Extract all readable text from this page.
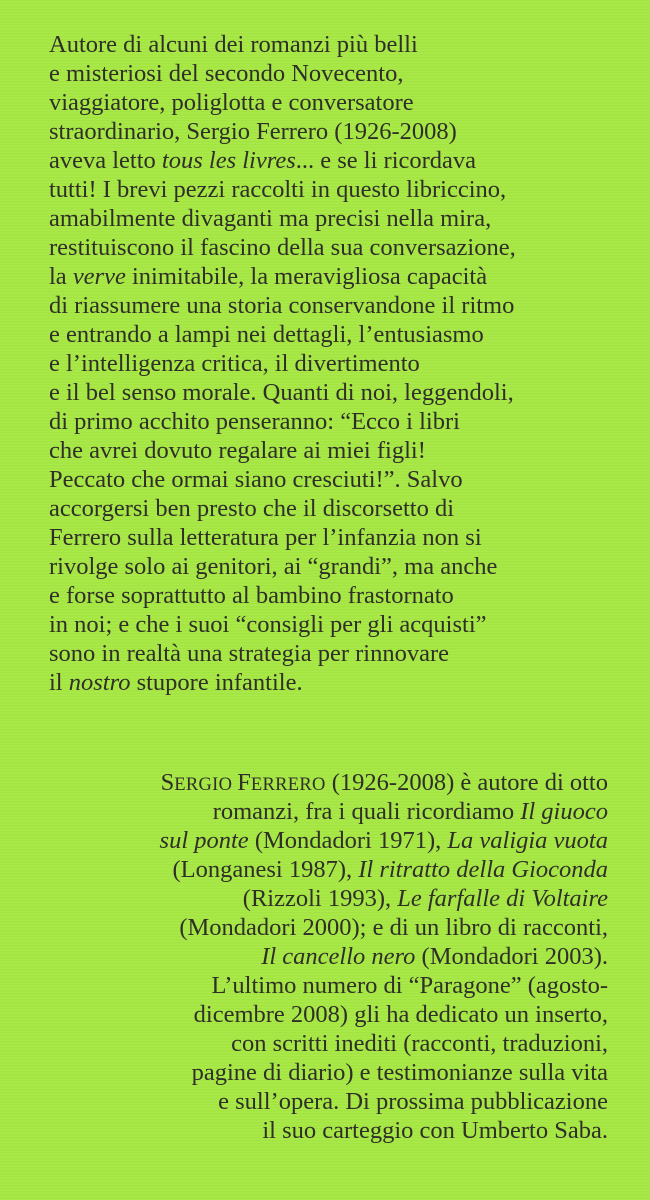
Autore di alcuni dei romanzi più belli
e misteriosi del secondo Novecento,
viaggiatore, poliglotta e conversatore
straordinario, Sergio Ferrero (1926-2008)
aveva letto tous les livres... e se li ricordava
tutti! I brevi pezzi raccolti in questo libriccino,
amabilmente divaganti ma precisi nella mira,
restituiscono il fascino della sua conversazione,
la verve inimitabile, la meravigliosa capacità
di riassumere una storia conservandone il ritmo
e entrando a lampi nei dettagli, l’entusiasmo
e l’intelligenza critica, il divertimento
e il bel senso morale. Quanti di noi, leggendoli,
di primo acchito penseranno: “Ecco i libri
che avrei dovuto regalare ai miei figli!
Peccato che ormai siano cresciuti!”. Salvo
accorgersi ben presto che il discorsetto di
Ferrero sulla letteratura per l’infanzia non si
rivolge solo ai genitori, ai “grandi”, ma anche
e forse soprattutto al bambino frastornato
in noi; e che i suoi “consigli per gli acquisti”
sono in realtà una strategia per rinnovare
il nostro stupore infantile.
SERGIO FERRERO (1926-2008) è autore di otto
romanzi, fra i quali ricordiamo Il giuoco
sul ponte (Mondadori 1971), La valigia vuota
(Longanesi 1987), Il ritratto della Gioconda
(Rizzoli 1993), Le farfalle di Voltaire
(Mondadori 2000); e di un libro di racconti,
Il cancello nero (Mondadori 2003).
L’ultimo numero di “Paragone” (agosto-
dicembre 2008) gli ha dedicato un inserto,
con scritti inediti (racconti, traduzioni,
pagine di diario) e testimonianze sulla vita
e sull’opera. Di prossima pubblicazione
il suo carteggio con Umberto Saba.
